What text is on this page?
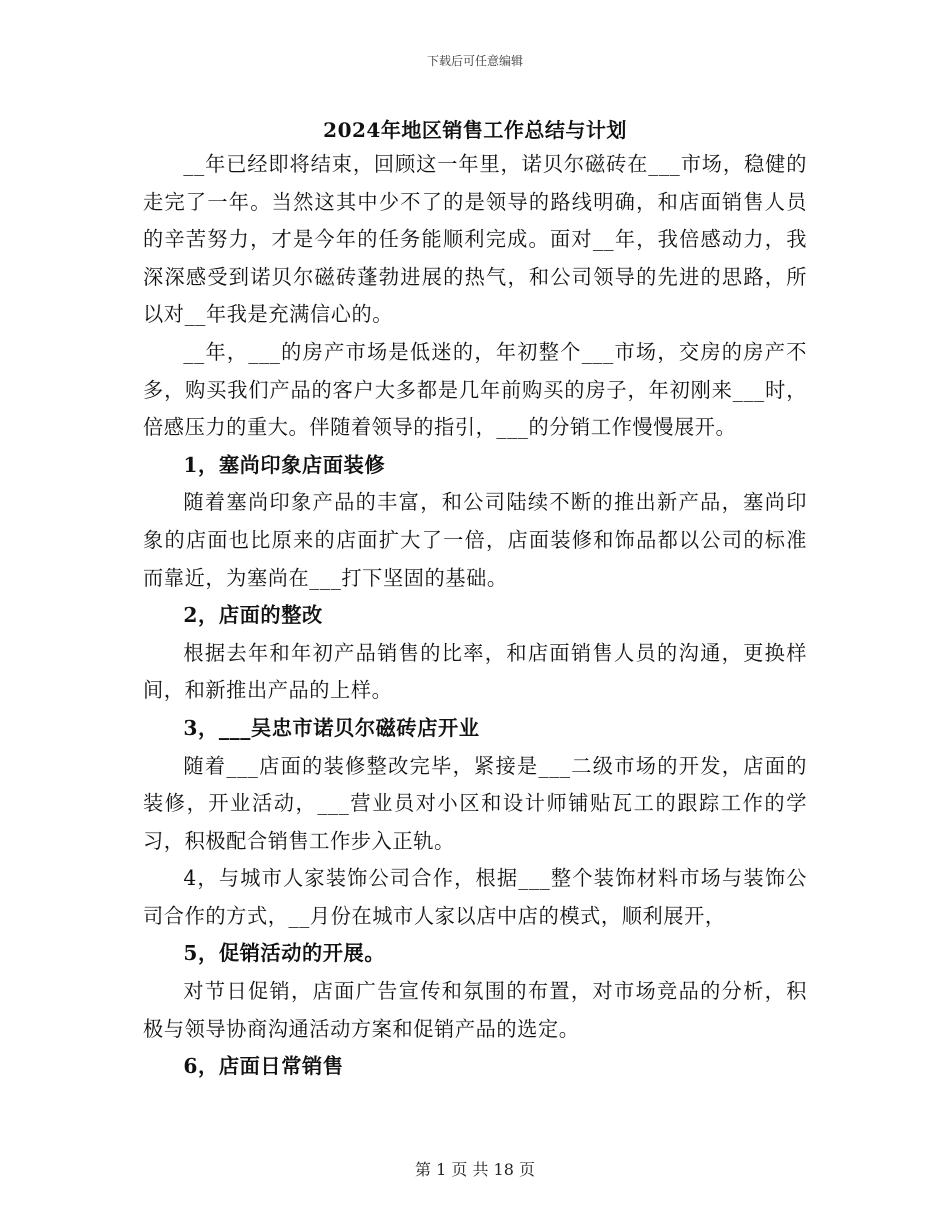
下载后可任意编辑
2024年地区销售工作总结与计划

__年已经即将结束，回顾这一年里，诺贝尔磁砖在___市场，稳健的走完了一年。当然这其中少不了的是领导的路线明确，和店面销售人员的辛苦努力，才是今年的任务能顺利完成。面对__年，我倍感动力，我深深感受到诺贝尔磁砖蓬勃进展的热气，和公司领导的先进的思路，所以对__年我是充满信心的。

__年，___的房产市场是低迷的，年初整个___市场，交房的房产不多，购买我们产品的客户大多都是几年前购买的房子，年初刚来___时，倍感压力的重大。伴随着领导的指引，___的分销工作慢慢展开。

1，塞尚印象店面装修

随着塞尚印象产品的丰富，和公司陆续不断的推出新产品，塞尚印象的店面也比原来的店面扩大了一倍，店面装修和饰品都以公司的标准而靠近，为塞尚在___打下坚固的基础。

2，店面的整改

根据去年和年初产品销售的比率，和店面销售人员的沟通，更换样间，和新推出产品的上样。

3，___吴忠市诺贝尔磁砖店开业

随着___店面的装修整改完毕，紧接是___二级市场的开发，店面的装修，开业活动，___营业员对小区和设计师铺贴瓦工的跟踪工作的学习，积极配合销售工作步入正轨。

4，与城市人家装饰公司合作，根据___整个装饰材料市场与装饰公司合作的方式，__月份在城市人家以店中店的模式，顺利展开，

5，促销活动的开展。

对节日促销，店面广告宣传和氛围的布置，对市场竞品的分析，积极与领导协商沟通活动方案和促销产品的选定。

6，店面日常销售
第 1 页 共 18 页
